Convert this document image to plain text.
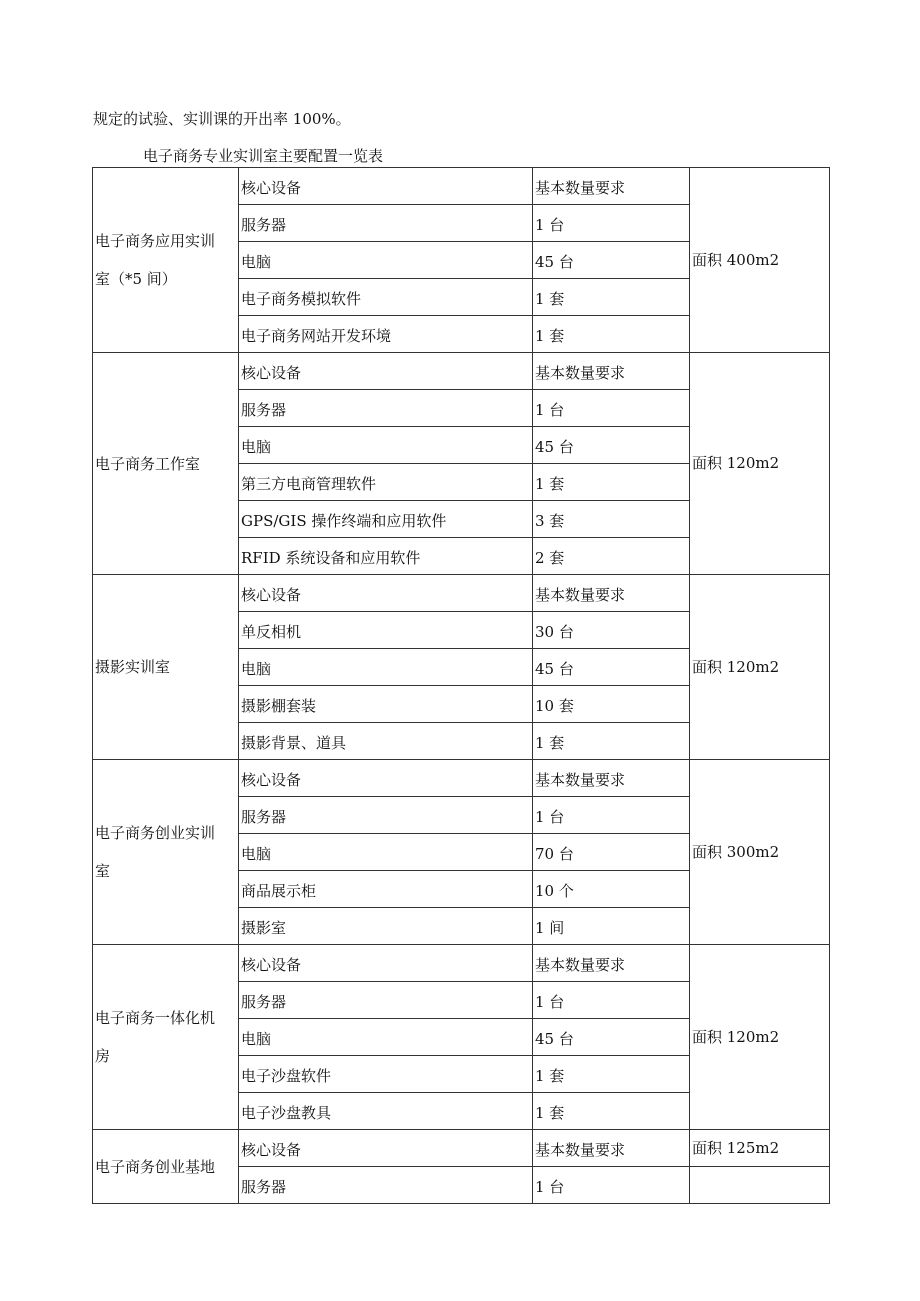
规定的试验、实训课的开出率 100%。
电子商务专业实训室主要配置一览表
电子商务应用实训室（*5 间）	核心设备	基本数量要求	面积 400m2
	服务器	1 台	
	电脑	45 台	
	电子商务模拟软件	1 套	
	电子商务网站开发环境	1 套	

电子商务工作室	核心设备	基本数量要求	面积 120m2
	服务器	1 台	
	电脑	45 台	
	第三方电商管理软件	1 套	
	GPS/GIS 操作终端和应用软件	3 套	
	RFID 系统设备和应用软件	2 套	

摄影实训室	核心设备	基本数量要求	面积 120m2
	单反相机	30 台	
	电脑	45 台	
	摄影棚套装	10 套	
	摄影背景、道具	1 套	

电子商务创业实训室	核心设备	基本数量要求	面积 300m2
	服务器	1 台	
	电脑	70 台	
	商品展示柜	10 个	
	摄影室	1 间	

电子商务一体化机房	核心设备	基本数量要求	面积 120m2
	服务器	1 台	
	电脑	45 台	
	电子沙盘软件	1 套	
	电子沙盘教具	1 套	

电子商务创业基地	核心设备	基本数量要求	面积 125m2
	服务器	1 台	
